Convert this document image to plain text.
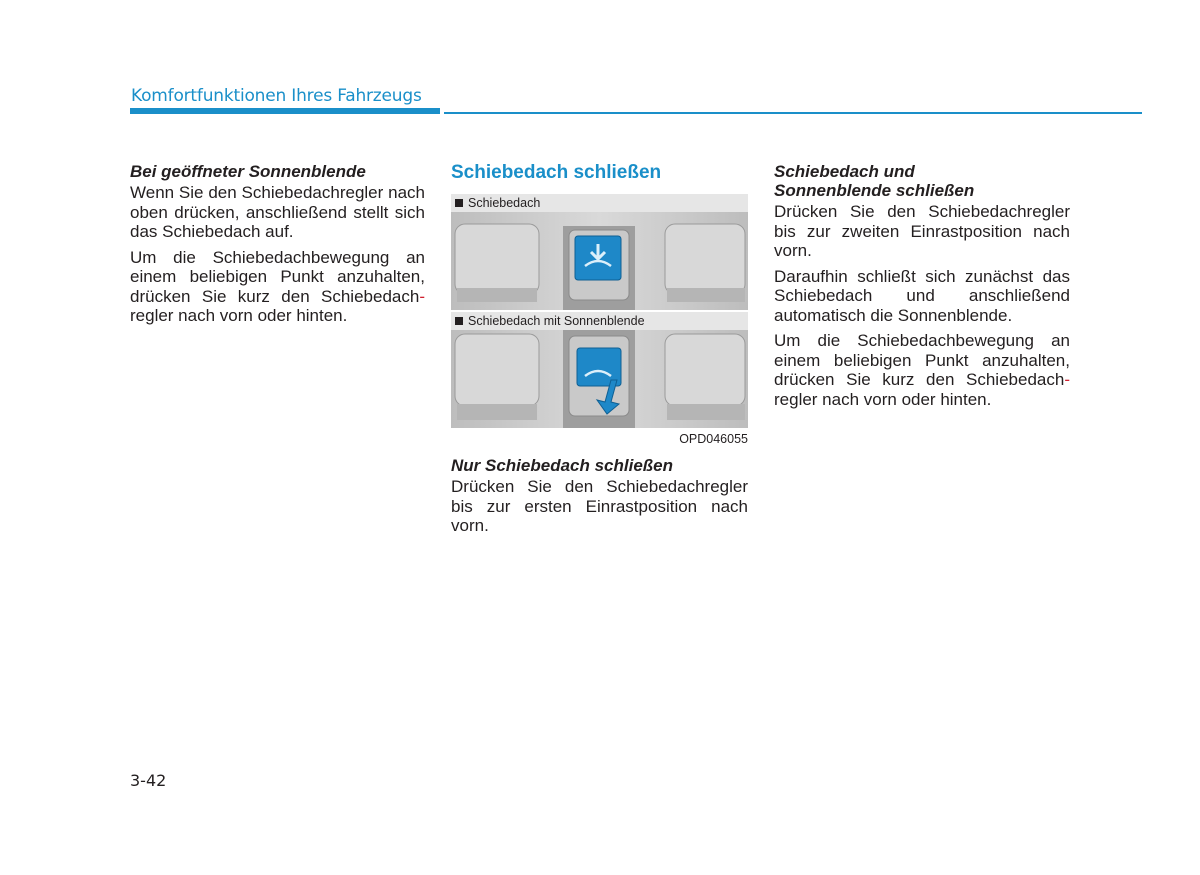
Komfortfunktionen Ihres Fahrzeugs
Bei geöffneter Sonnenblende

Wenn Sie den Schiebedachregler nach oben drücken, anschließend stellt sich das Schiebedach auf.

Um die Schiebedachbewegung an einem beliebigen Punkt anzuhalten, drücken Sie kurz den Schiebedach-regler nach vorn oder hinten.

Schiebedach schließen
Schiebedach
Schiebedach mit Sonnenblende
OPD046055
Nur Schiebedach schließen

Drücken Sie den Schiebedachregler bis zur ersten Einrastposition nach vorn.

Schiebedach und
Sonnenblende schließen

Drücken Sie den Schiebedachregler bis zur zweiten Einrastposition nach vorn.

Daraufhin schließt sich zunächst das Schiebedach und anschließend automatisch die Sonnenblende.

Um die Schiebedachbewegung an einem beliebigen Punkt anzuhalten, drücken Sie kurz den Schiebedach-regler nach vorn oder hinten.

3-42
